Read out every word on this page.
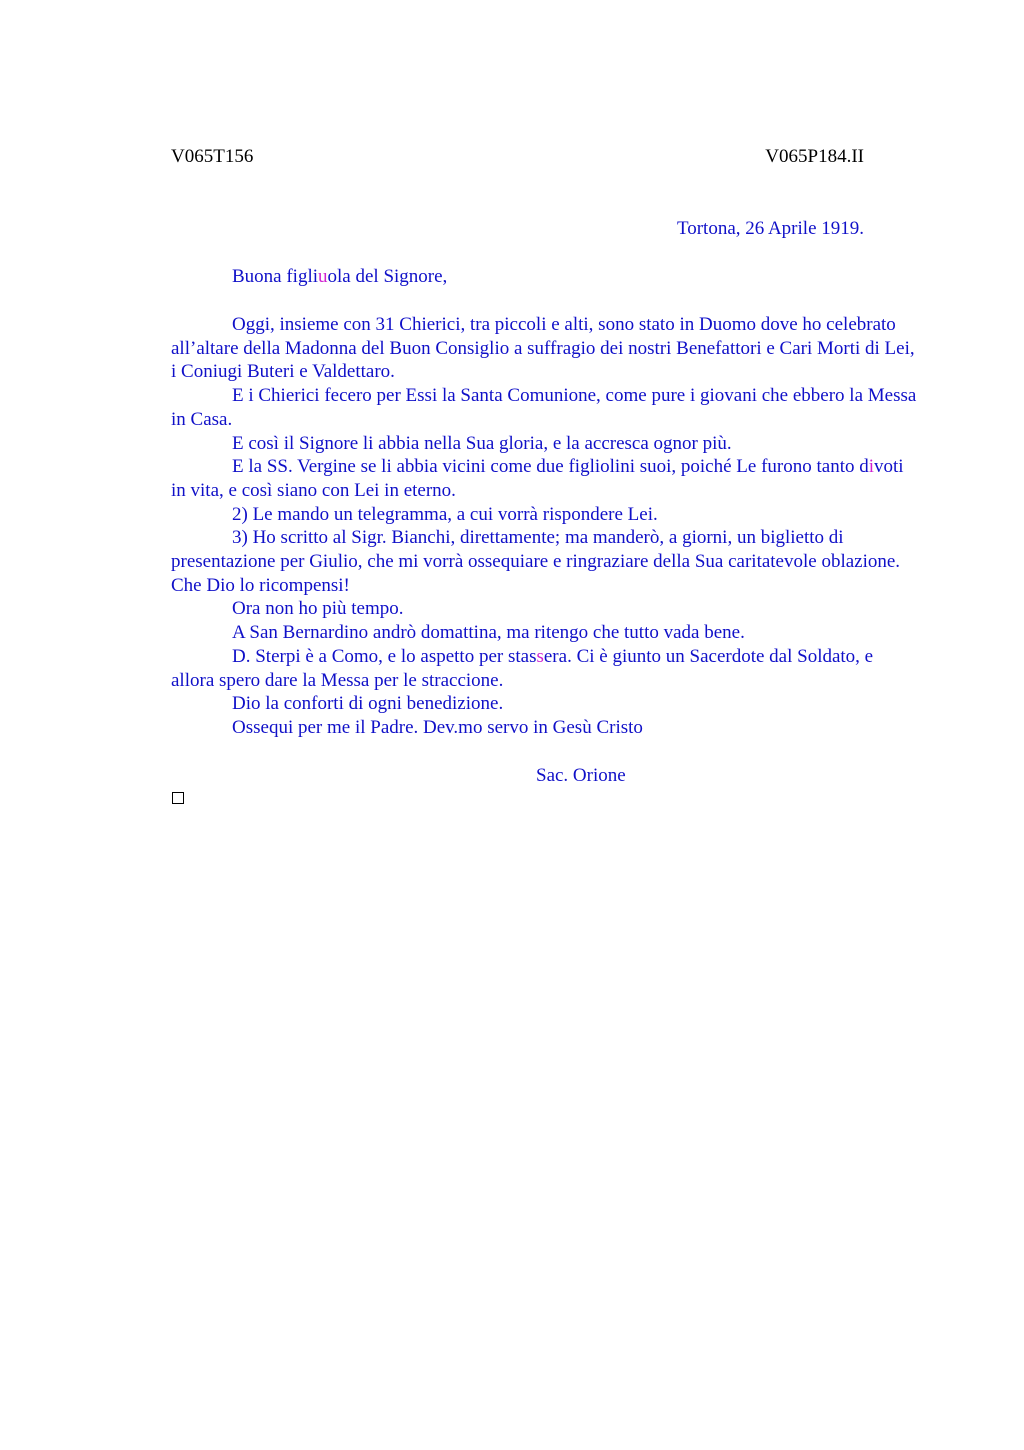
V065T156	V065P184.II
Tortona, 26 Aprile 1919.
Buona figliuola del Signore,

Oggi, insieme con 31 Chierici, tra piccoli e alti, sono stato in Duomo dove ho celebrato all’altare della Madonna del Buon Consiglio a suffragio dei nostri Benefattori e Cari Morti di Lei, i Coniugi Buteri e Valdettaro.

E i Chierici fecero per Essi la Santa Comunione, come pure i giovani che ebbero la Messa in Casa.

E così il Signore li abbia nella Sua gloria, e la accresca ognor più.

E la SS. Vergine se li abbia vicini come due figliolini suoi, poiché Le furono tanto divoti in vita, e così siano con Lei in eterno.

2) Le mando un telegramma, a cui vorrà rispondere Lei.

3) Ho scritto al Sigr. Bianchi, direttamente; ma manderò, a giorni, un biglietto di presentazione per Giulio, che mi vorrà ossequiare e ringraziare della Sua caritatevole oblazione. Che Dio lo ricompensi!

Ora non ho più tempo.

A San Bernardino andrò domattina, ma ritengo che tutto vada bene.

D. Sterpi è a Como, e lo aspetto per stassera. Ci è giunto un Sacerdote dal Soldato, e allora spero dare la Messa per le straccione.

Dio la conforti di ogni benedizione.

Ossequi per me il Padre. Dev.mo servo in Gesù Cristo

Sac. Orione
